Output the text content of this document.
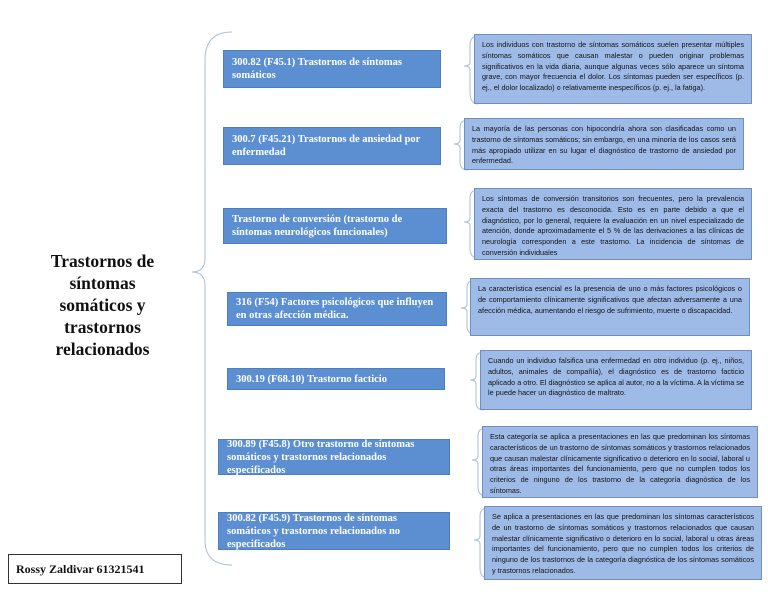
Trastornos de síntomas somáticos y trastornos relacionados

300.82 (F45.1) Trastornos de síntomas somáticos
300.7 (F45.21) Trastornos de ansiedad por enfermedad
Trastorno de conversión (trastorno de síntomas neurológicos funcionales)
316 (F54) Factores psicológicos que influyen en otras afección médica.
300.19 (F68.10) Trastorno facticio
300.89 (F45.8) Otro trastorno de síntomas somáticos y trastornos relacionados especificados
300.82 (F45.9) Trastornos de síntomas somáticos y trastornos relacionados no especificados
Los individuos con trastorno de síntomas somáticos suelen presentar múltiples síntomas somáticos que causan malestar o pueden originar problemas significativos en la vida diaria, aunque algunas veces sólo aparece un síntoma grave, con mayor frecuencia el dolor. Los síntomas pueden ser específicos (p. ej., el dolor localizado) o relativamente inespecíficos (p. ej., la fatiga).
La mayoría de las personas con hipocondría ahora son clasificadas como un trastorno de síntomas somáticos; sin embargo, en una minoría de los casos será más apropiado utilizar en su lugar el diagnóstico de trastorno de ansiedad por enfermedad.
Los síntomas de conversión transitorios son frecuentes, pero la prevalencia exacta del trastorno es desconocida. Esto es en parte debido a que el diagnóstico, por lo general, requiere la evaluación en un nivel especializado de atención, donde aproximadamente el 5 % de las derivaciones a las clínicas de neurología corresponden a este trastorno. La incidencia de síntomas de conversión individuales
La característica esencial es la presencia de uno o más factores psicológicos o de comportamiento clínicamente significativos que afectan adversamente a una afección médica, aumentando el riesgo de sufrimiento, muerte o discapacidad.
Cuando un individuo falsifica una enfermedad en otro individuo (p. ej., niños, adultos, animales de compañía), el diagnóstico es de trastorno facticio aplicado a otro. El diagnóstico se aplica al autor, no a la víctima. A la víctima se le puede hacer un diagnóstico de maltrato.
Esta categoría se aplica a presentaciones en las que predominan los síntomas característicos de un trastorno de síntomas somáticos y trastornos relacionados que causan malestar clínicamente significativo o deterioro en lo social, laboral u otras áreas importantes del funcionamiento, pero que no cumplen todos los criterios de ninguno de los trastorno de la categoría diagnóstica de los síntomas.
Se aplica a presentaciones en las que predominan los síntomas característicos de un trastorno de síntomas somáticos y trastornos relacionados que causan malestar clínicamente significativo o deterioro en lo social, laboral u otras áreas importantes del funcionamiento, pero que no cumplen todos los criterios de ninguno de los trastornos de la categoría diagnóstica de los síntomas somáticos y trastornos relacionados.
Rossy Zaldivar 61321541
